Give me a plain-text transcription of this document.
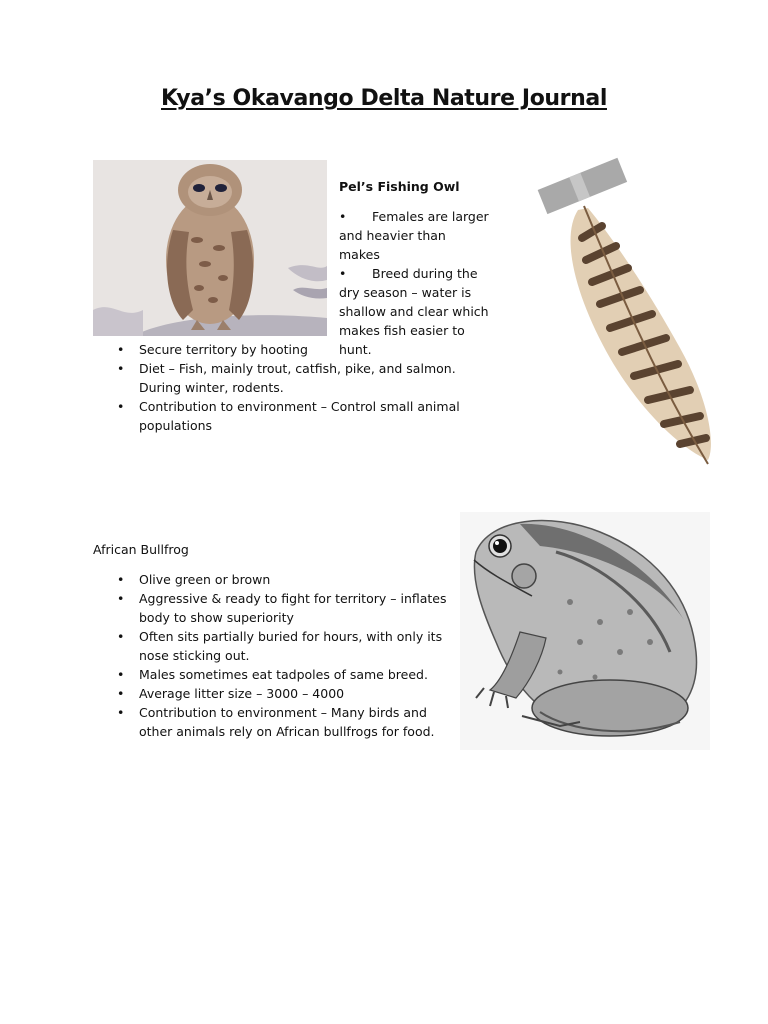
Kya’s Okavango Delta Nature Journal
Pel’s Fishing Owl
• Females are larger and heavier than makes
• Breed during the dry season – water is shallow and clear which makes fish easier to hunt.
• Secure territory by hooting
• Diet – Fish, mainly trout, catfish, pike, and salmon. During winter, rodents.
• Contribution to environment – Control small animal populations
African Bullfrog
• Olive green or brown
• Aggressive & ready to fight for territory – inflates body to show superiority
• Often sits partially buried for hours, with only its nose sticking out.
• Males sometimes eat tadpoles of same breed.
• Average litter size – 3000 – 4000
• Contribution to environment – Many birds and other animals rely on African bullfrogs for food.
